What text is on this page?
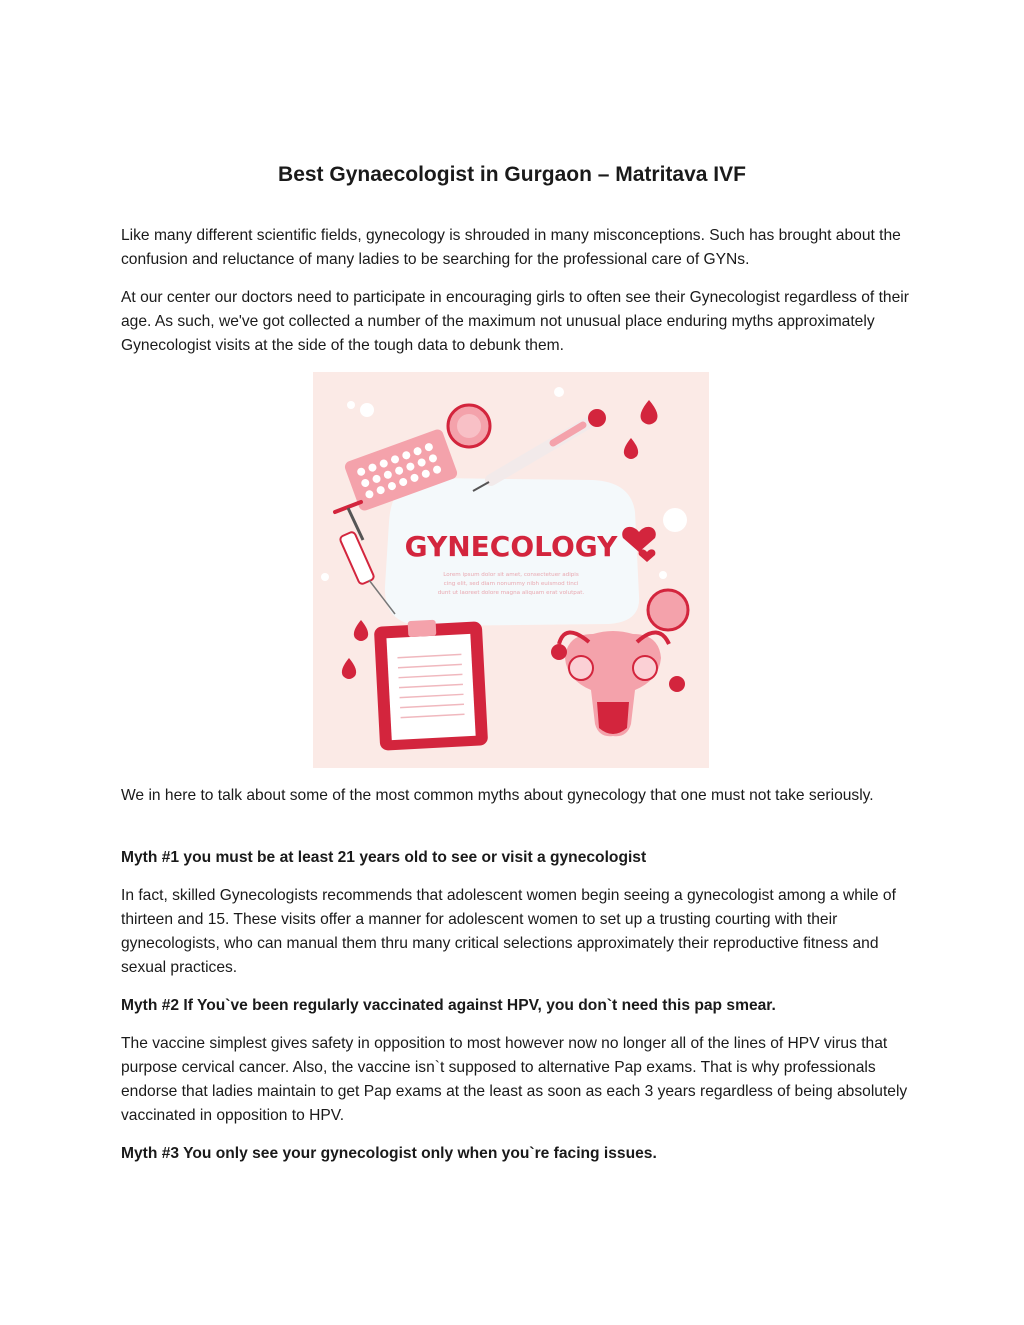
Best Gynaecologist in Gurgaon – Matritava IVF

Like many different scientific fields, gynecology is shrouded in many misconceptions. Such has brought about the confusion and reluctance of many ladies to be searching for the professional care of GYNs.

At our center our doctors need to participate in encouraging girls to often see their Gynecologist regardless of their age. As such, we've got collected a number of the maximum not unusual place enduring myths approximately Gynecologist visits at the side of the tough data to debunk them.

GYNECOLOGY
Lorem ipsum dolor sit amet, consectetuer adipis
cing elit, sed diam nonummy nibh euismod tinci
dunt ut laoreet dolore magna aliquam erat volutpat.

We in here to talk about some of the most common myths about gynecology that one must not take seriously.

Myth #1 you must be at least 21 years old to see or visit a gynecologist

In fact, skilled Gynecologists recommends that adolescent women begin seeing a gynecologist among a while of thirteen and 15. These visits offer a manner for adolescent women to set up a trusting courting with their gynecologists, who can manual them thru many critical selections approximately their reproductive fitness and sexual practices.

Myth #2 If You`ve been regularly vaccinated against HPV, you don`t need this pap smear.

The vaccine simplest gives safety in opposition to most however now no longer all of the lines of HPV virus that purpose cervical cancer. Also, the vaccine isn`t supposed to alternative Pap exams. That is why professionals endorse that ladies maintain to get Pap exams at the least as soon as each 3 years regardless of being absolutely vaccinated in opposition to HPV.

Myth #3 You only see your gynecologist only when you`re facing issues.
